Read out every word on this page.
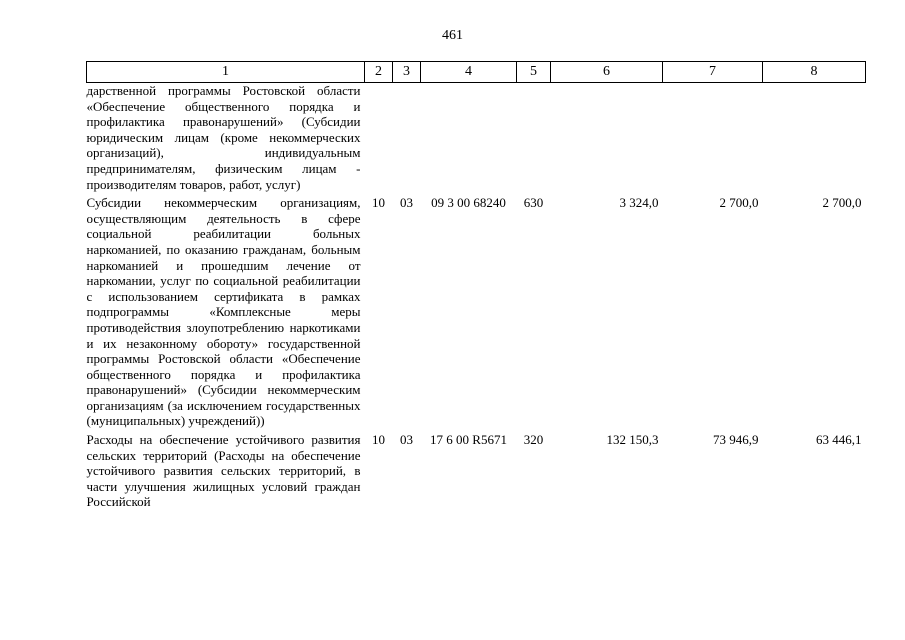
461
1	2	3	4	5	6	7	8
дарственной программы Ростовской области «Обеспечение общественного порядка и профилактика правонарушений» (Субсидии юридическим лицам (кроме некоммерческих организаций), индивидуальным предпринимателям, физическим лицам - производителям товаров, работ, услуг)							
Субсидии некоммерческим организациям, осуществляющим деятельность в сфере социальной реабилитации больных наркоманией, по оказанию гражданам, больным наркоманией и прошедшим лечение от наркомании, услуг по социальной реабилитации с использованием сертификата в рамках подпрограммы «Комплексные меры противодействия злоупотреблению наркотиками и их незаконному обороту» государственной программы Ростовской области «Обеспечение общественного порядка и профилактика правонарушений» (Субсидии некоммерческим организациям (за исключением государственных (муниципальных) учреждений))	10	03	09 3 00 68240	630	3 324,0	2 700,0	2 700,0
Расходы на обеспечение устойчивого развития сельских территорий (Расходы на обеспечение устойчивого развития сельских территорий, в части улучшения жилищных условий граждан Российской	10	03	17 6 00 R5671	320	132 150,3	73 946,9	63 446,1
